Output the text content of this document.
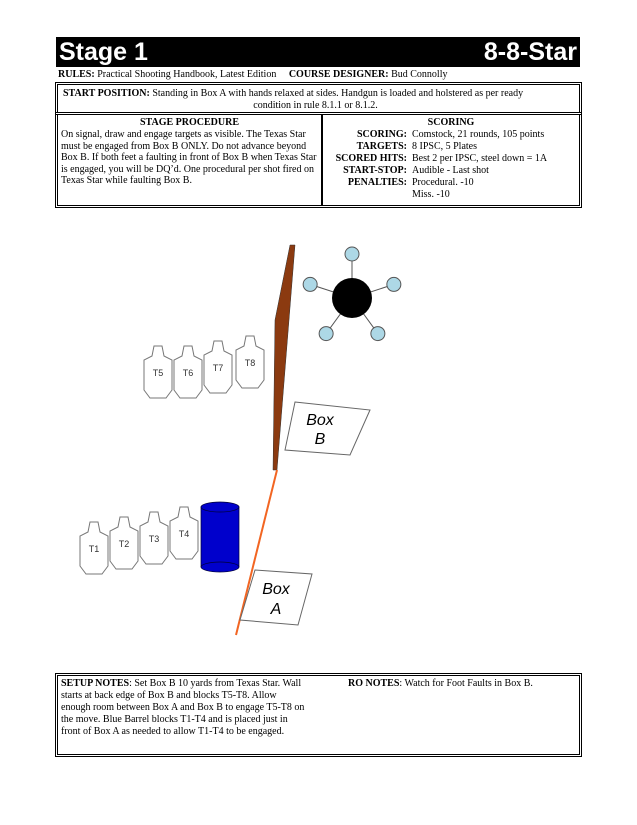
Stage 1	8-8-Star
RULES: Practical Shooting Handbook, Latest Edition COURSE DESIGNER: Bud Connolly
START POSITION: Standing in Box A with hands relaxed at sides. Handgun is loaded and holstered as per ready
condition in rule 8.1.1 or 8.1.2.
STAGE PROCEDURE
On signal, draw and engage targets as visible. The Texas Star must be engaged from Box B ONLY. Do not advance beyond Box B. If both feet a faulting in front of Box B when Texas Star is engaged, you will be DQ’d. One procedural per shot fired on Texas Star while faulting Box B.
SCORING
SCORING: Comstock, 21 rounds, 105 points
TARGETS: 8 IPSC, 5 Plates
SCORED HITS: Best 2 per IPSC, steel down = 1A
START-STOP: Audible - Last shot
PENALTIES: Procedural. -10
Miss. -10
Box
B
Box
A
T1 T2 T3 T4
T5 T6 T7 T8
SETUP NOTES: Set Box B 10 yards from Texas Star. Wall starts at back edge of Box B and blocks T5-T8. Allow enough room between Box A and Box B to engage T5-T8 on the move. Blue Barrel blocks T1-T4 and is placed just in front of Box A as needed to allow T1-T4 to be engaged.
RO NOTES: Watch for Foot Faults in Box B.
